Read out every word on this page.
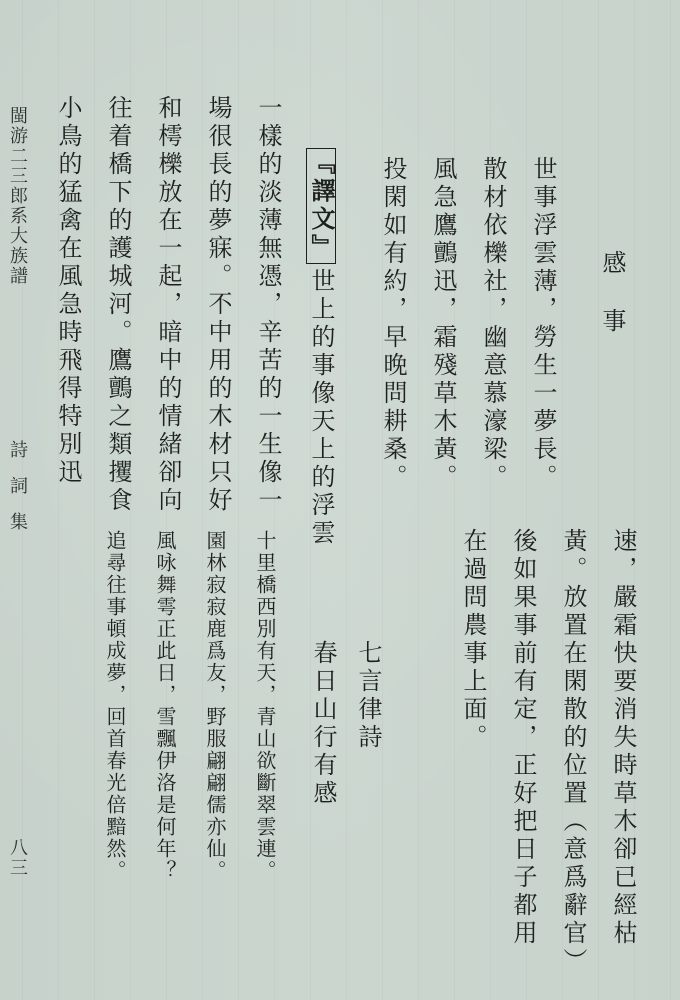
感事
世事浮雲薄，勞生一夢長。
散材依櫟社，幽意慕濠梁。
風急鷹鸇迅，霜殘草木黃。
投閑如有約，早晚問耕桑。
『譯文』世上的事像天上的浮雲
一樣的淡薄無憑，辛苦的一生像一
場很長的夢寐。不中用的木材只好
和樗櫟放在一起，暗中的情緒卻向
往着橋下的護城河。鷹鸇之類攫食
小鳥的猛禽在風急時飛得特別迅
速，嚴霜快要消失時草木卻已經枯
黃。放置在閑散的位置（意爲辭官）
後如果事前有定，正好把日子都用
在過問農事上面。
七言律詩
春日山行有感
十里橋西別有天，青山欲斷翠雲連。
園林寂寂鹿爲友，野服翩翩儒亦仙。
風咏舞雩正此日，雪飄伊洛是何年？
追尋往事頓成夢，回首春光倍黯然。
閩游二三郎系大族譜
詩詞集
八三
